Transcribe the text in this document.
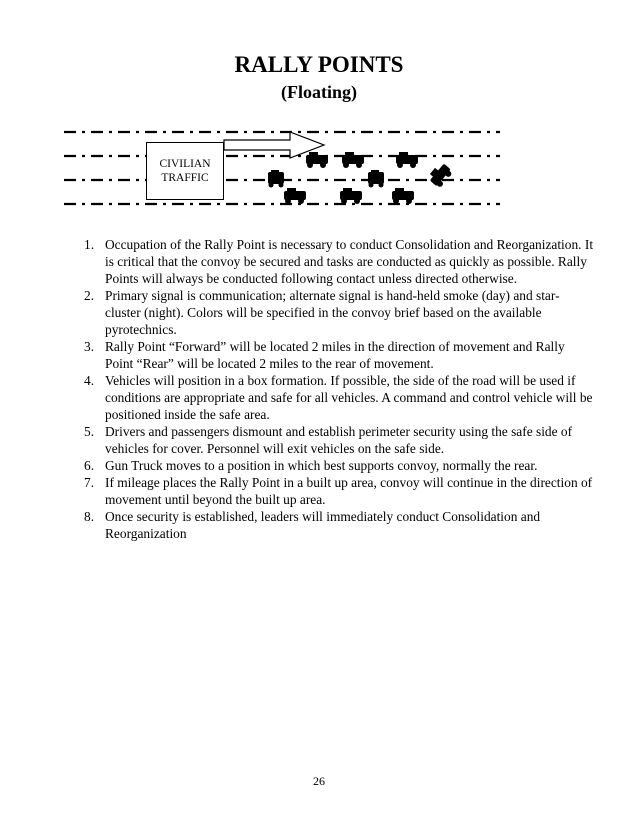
RALLY POINTS
(Floating)
CIVILIAN
TRAFFIC
1. Occupation of the Rally Point is necessary to conduct Consolidation and Reorganization. It is critical that the convoy be secured and tasks are conducted as quickly as possible. Rally Points will always be conducted following contact unless directed otherwise.
2. Primary signal is communication; alternate signal is hand-held smoke (day) and star-cluster (night). Colors will be specified in the convoy brief based on the available pyrotechnics.
3. Rally Point “Forward” will be located 2 miles in the direction of movement and Rally Point “Rear” will be located 2 miles to the rear of movement.
4. Vehicles will position in a box formation. If possible, the side of the road will be used if conditions are appropriate and safe for all vehicles. A command and control vehicle will be positioned inside the safe area.
5. Drivers and passengers dismount and establish perimeter security using the safe side of vehicles for cover. Personnel will exit vehicles on the safe side.
6. Gun Truck moves to a position in which best supports convoy, normally the rear.
7. If mileage places the Rally Point in a built up area, convoy will continue in the direction of movement until beyond the built up area.
8. Once security is established, leaders will immediately conduct Consolidation and Reorganization
26
